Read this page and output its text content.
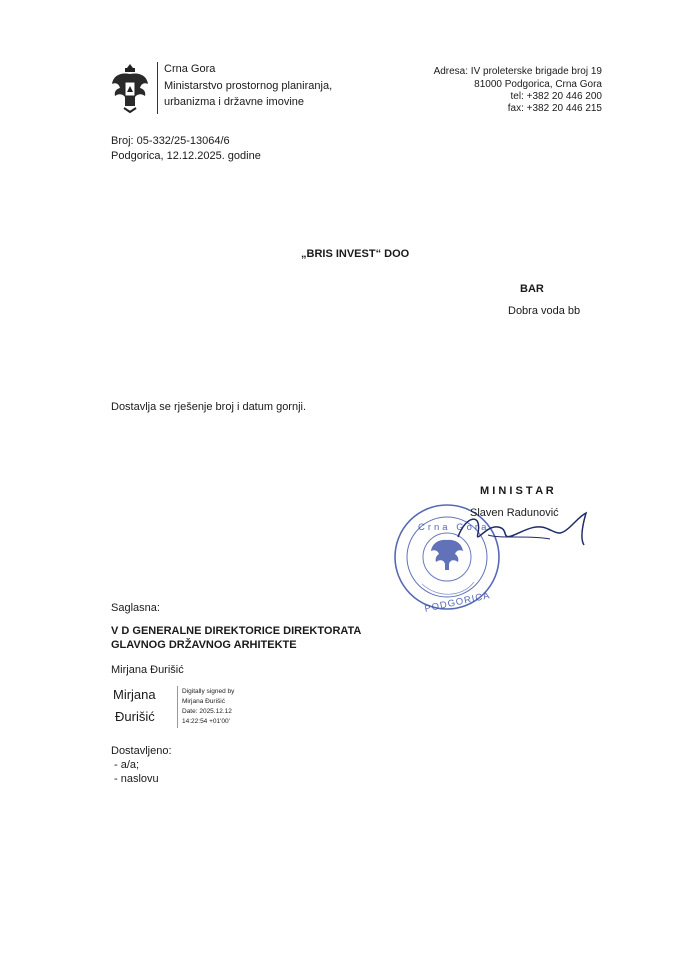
Crna Gora
Ministarstvo prostornog planiranja,
urbanizma i državne imovine
Adresa: IV proleterske brigade broj 19
81000 Podgorica, Crna Gora
tel: +382 20 446 200
fax: +382 20 446 215
Broj: 05-332/25-13064/6
Podgorica, 12.12.2025. godine
„BRIS INVEST“ DOO
BAR
Dobra voda bb
Dostavlja se rješenje broj i datum gornji.
M I N I S T A R
Crna Gora
PODGORICA
Slaven Radunović
Saglasna:
V D GENERALNE DIREKTORICE DIREKTORATA
GLAVNOG DRŽAVNOG ARHITEKTE
Mirjana Đurišić
Mirjana
Đurišić
Digitally signed by
Mirjana Đurišić
Date: 2025.12.12
14:22:54 +01'00'
Dostavljeno:
- a/a;
- naslovu
